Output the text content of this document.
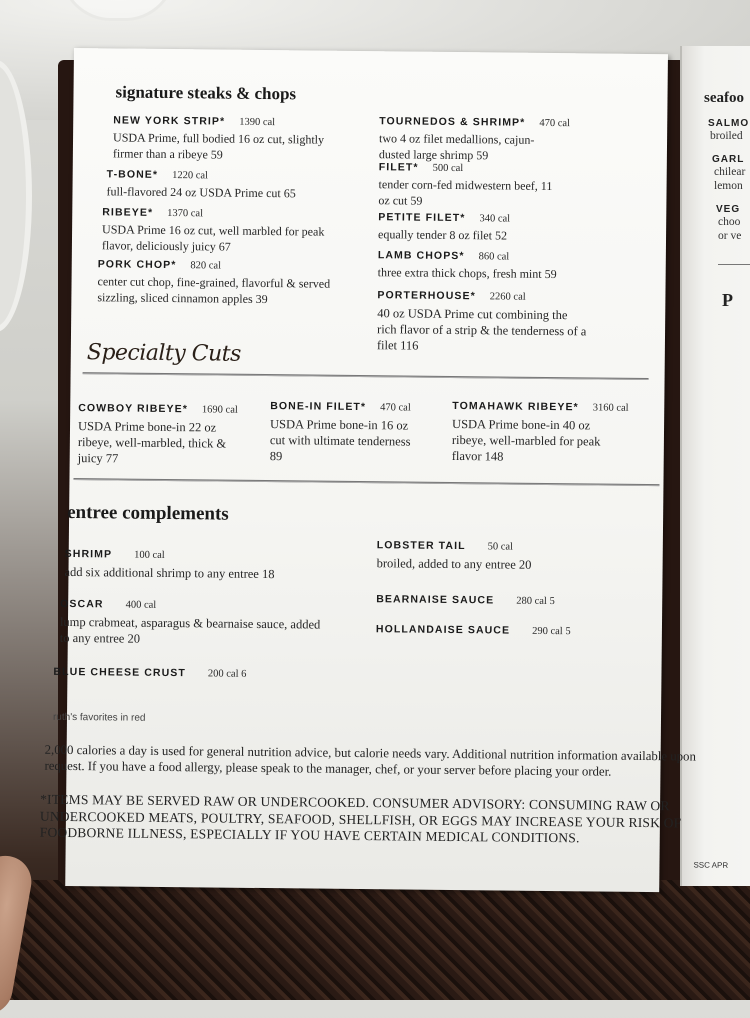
seafoo
SALMO
broiled
GARL
chilear
lemon
VEG
choo
or ve
P
signature steaks & chops
NEW YORK STRIP* 1390 cal
USDA Prime, full bodied 16 oz cut, slightly firmer than a ribeye 59
T-BONE* 1220 cal
full-flavored 24 oz USDA Prime cut 65
RIBEYE* 1370 cal
USDA Prime 16 oz cut, well marbled for peak flavor, deliciously juicy 67
PORK CHOP* 820 cal
center cut chop, fine-grained, flavorful & served sizzling, sliced cinnamon apples 39
TOURNEDOS & SHRIMP* 470 cal
two 4 oz filet medallions, cajun-dusted large shrimp 59
FILET* 500 cal
tender corn-fed midwestern beef, 11 oz cut 59
PETITE FILET* 340 cal
equally tender 8 oz filet 52
LAMB CHOPS* 860 cal
three extra thick chops, fresh mint 59
PORTERHOUSE* 2260 cal
40 oz USDA Prime cut combining the rich flavor of a strip & the tenderness of a filet 116
Specialty Cuts
COWBOY RIBEYE* 1690 cal
USDA Prime bone-in 22 oz ribeye, well-marbled, thick & juicy 77
BONE-IN FILET* 470 cal
USDA Prime bone-in 16 oz cut with ultimate tenderness 89
TOMAHAWK RIBEYE* 3160 cal
USDA Prime bone-in 40 oz ribeye, well-marbled for peak flavor 148
entree complements
SHRIMP 100 cal
add six additional shrimp to any entree 18
OSCAR 400 cal
lump crabmeat, asparagus & bearnaise sauce, added to any entree 20
BLUE CHEESE CRUST 200 cal 6
LOBSTER TAIL 50 cal
broiled, added to any entree 20
BEARNAISE SAUCE 280 cal 5
HOLLANDAISE SAUCE 290 cal 5
ruth's favorites in red
2,000 calories a day is used for general nutrition advice, but calorie needs vary. Additional nutrition information available upon request. If you have a food allergy, please speak to the manager, chef, or your server before placing your order.
*ITEMS MAY BE SERVED RAW OR UNDERCOOKED. CONSUMER ADVISORY: CONSUMING RAW OR UNDERCOOKED MEATS, POULTRY, SEAFOOD, SHELLFISH, OR EGGS MAY INCREASE YOUR RISK OF FOODBORNE ILLNESS, ESPECIALLY IF YOU HAVE CERTAIN MEDICAL CONDITIONS.
SSC APR
